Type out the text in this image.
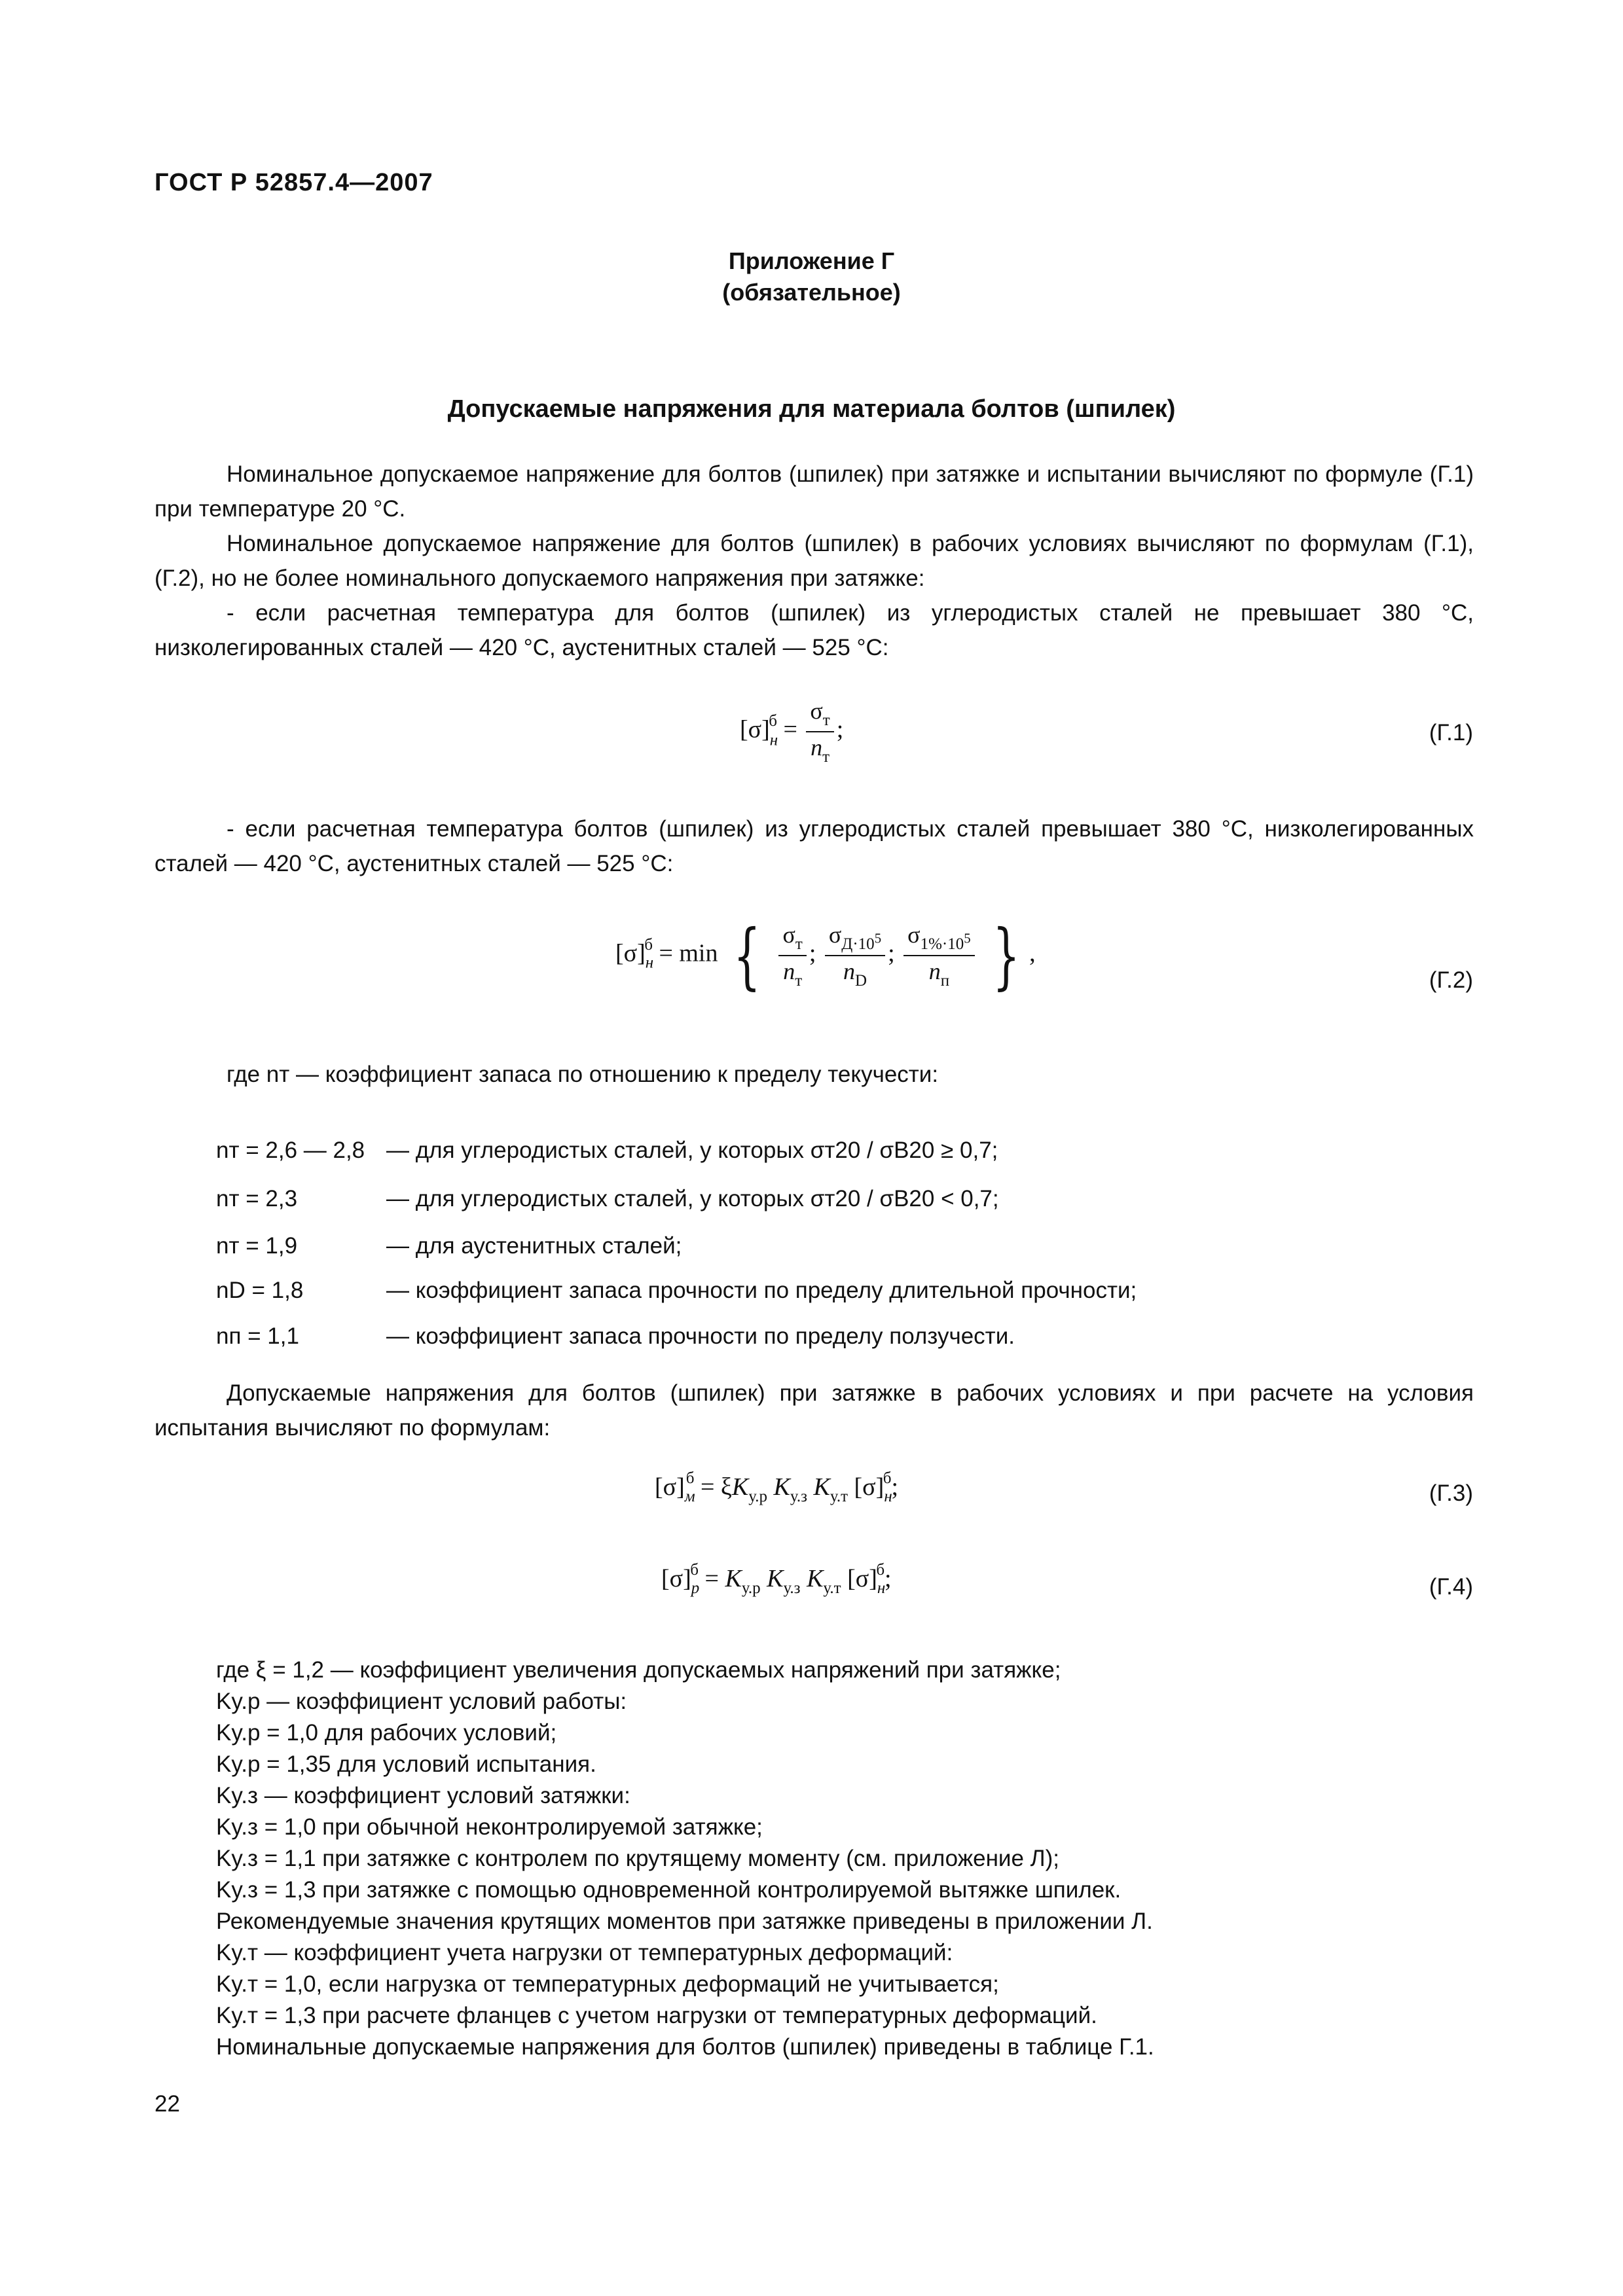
ГОСТ Р 52857.4—2007
Приложение Г
(обязательное)
Допускаемые напряжения для материала болтов (шпилек)

Номинальное допускаемое напряжение для болтов (шпилек) при затяжке и испытании вычисляют по формуле (Г.1) при температуре 20 °С.

Номинальное допускаемое напряжение для болтов (шпилек) в рабочих условиях вычисляют по формулам (Г.1), (Г.2), но не более номинального допускаемого напряжения при затяжке:

- если расчетная температура для болтов (шпилек) из углеродистых сталей не превышает 380 °С, низколегированных сталей — 420 °С, аустенитных сталей — 525 °С:

$[\sigma]_н^б = \frac{\sigma_т}{n_т}$ ;	(Г.1)

- если расчетная температура болтов (шпилек) из углеродистых сталей превышает 380 °С, низколегированных сталей — 420 °С, аустенитных сталей — 525 °С:

$[\sigma]_н^б = \min$ { $\frac{\sigma_т}{n_т}$ ; $\frac{\sigma_{Д\cdot 10^5}}{n_D}$ ; $\frac{\sigma_{1\%\cdot 10^5}}{n_п}$ } ,
(Г.2)

где nт — коэффициент запаса по отношению к пределу текучести:

nт = 2,6 — 2,8 — для углеродистых сталей, у которых σт20 / σВ20 ≥ 0,7;
nт = 2,3	— для углеродистых сталей, у которых σт20 / σВ20 < 0,7;
nт = 1,9	— для аустенитных сталей;
nD = 1,8	— коэффициент запаса прочности по пределу длительной прочности;
nп = 1,1	— коэффициент запаса прочности по пределу ползучести.

Допускаемые напряжения для болтов (шпилек) при затяжке в рабочих условиях и при расчете на условия испытания вычисляют по формулам:

$[\sigma]_м^б = \xi K_{у.р}$ $K_{у.з}$ $K_{у.т}$ $[\sigma]_н^б$;	(Г.3)
$[\sigma]_р^б = K_{у.р}$ $K_{у.з}$ $K_{у.т}$ $[\sigma]_н^б$;	(Г.4)
где ξ = 1,2 — коэффициент увеличения допускаемых напряжений при затяжке;
Ky.p — коэффициент условий работы:
Ky.p = 1,0 для рабочих условий;
Ky.p = 1,35 для условий испытания.
Ky.з — коэффициент условий затяжки:
Ky.з = 1,0 при обычной неконтролируемой затяжке;
Ky.з = 1,1 при затяжке с контролем по крутящему моменту (см. приложение Л);
Ky.з = 1,3 при затяжке с помощью одновременной контролируемой вытяжке шпилек.
Рекомендуемые значения крутящих моментов при затяжке приведены в приложении Л.
Ky.т — коэффициент учета нагрузки от температурных деформаций:
Ky.т = 1,0, если нагрузка от температурных деформаций не учитывается;
Ky.т = 1,3 при расчете фланцев с учетом нагрузки от температурных деформаций.
Номинальные допускаемые напряжения для болтов (шпилек) приведены в таблице Г.1.
22
